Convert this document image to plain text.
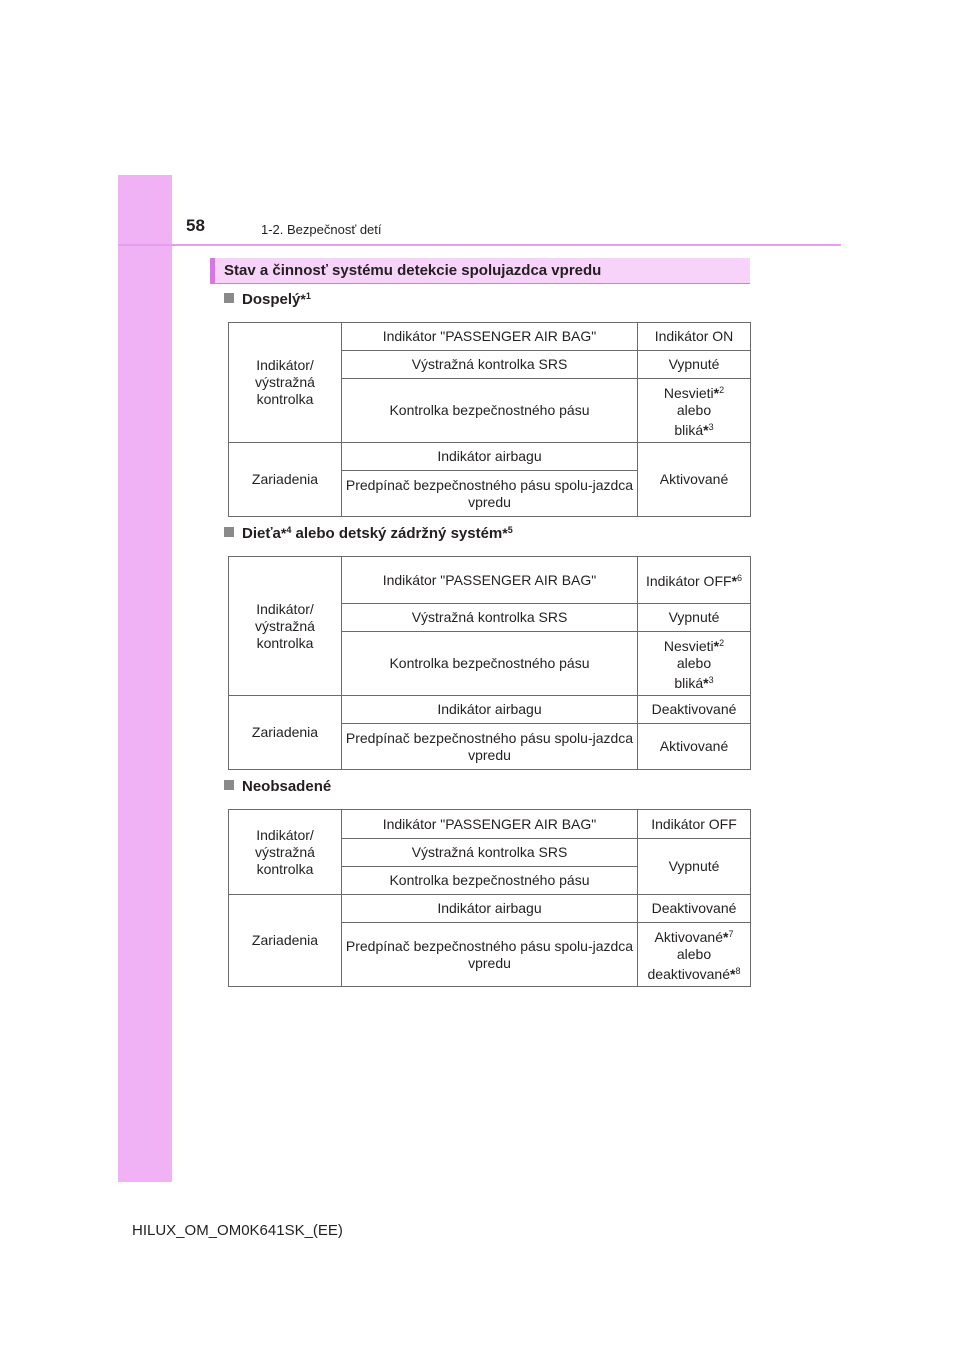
58	1-2. Bezpečnosť detí
Stav a činnosť systému detekcie spolujazdca vpredu
Dospelý*$^1$
Indikátor/ výstražná kontrolka	Indikátor "PASSENGER AIR BAG"	Indikátor ON
	Výstražná kontrolka SRS	Vypnuté
	Kontrolka bezpečnostného pásu	Nesvieti*$^2$
alebo
bliká*$^3$
Zariadenia	Indikátor airbagu	Aktivované
	Predpínač bezpečnostného pásu spolu-jazdca vpredu	
Dieťa*$^4$ alebo detský zádržný systém*$^5$
Indikátor/ výstražná kontrolka	Indikátor "PASSENGER AIR BAG"	Indikátor OFF*$^6$
	Výstražná kontrolka SRS	Vypnuté
	Kontrolka bezpečnostného pásu	Nesvieti*$^2$
alebo
bliká*$^3$
Zariadenia	Indikátor airbagu	Deaktivované
	Predpínač bezpečnostného pásu spolu-jazdca vpredu	Aktivované
Neobsadené
Indikátor/ výstražná kontrolka	Indikátor "PASSENGER AIR BAG"	Indikátor OFF
	Výstražná kontrolka SRS	Vypnuté
	Kontrolka bezpečnostného pásu	
Zariadenia	Indikátor airbagu	Deaktivované
	Predpínač bezpečnostného pásu spolu-jazdca vpredu	Aktivované*$^7$
alebo
deaktivované*$^8$
HILUX_OM_OM0K641SK_(EE)
